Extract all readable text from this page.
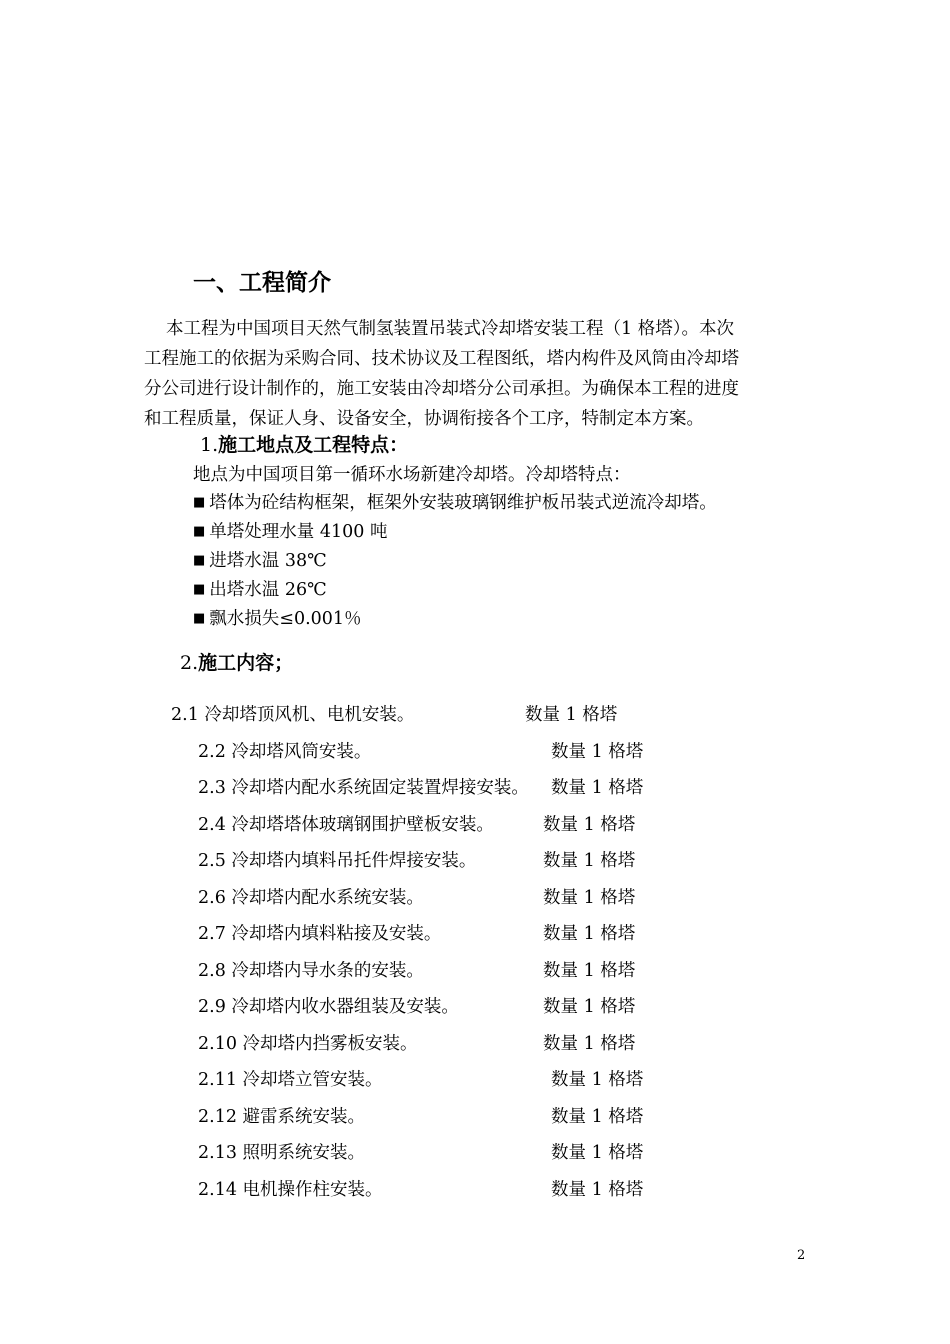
一、工程简介
本工程为中国项目天然气制氢装置吊装式冷却塔安装工程（1 格塔）。本次
工程施工的依据为采购合同、技术协议及工程图纸，塔内构件及风筒由冷却塔
分公司进行设计制作的，施工安装由冷却塔分公司承担。为确保本工程的进度
和工程质量，保证人身、设备安全，协调衔接各个工序，特制定本方案。
1.施工地点及工程特点：
地点为中国项目第一循环水场新建冷却塔。冷却塔特点：
■ 塔体为砼结构框架，框架外安装玻璃钢维护板吊装式逆流冷却塔。
■ 单塔处理水量 4100 吨
■ 进塔水温 38℃
■ 出塔水温 26℃
■ 飘水损失≤0.001％
2.施工内容；
2.1 冷却塔顶风机、电机安装。	数量 1 格塔
2.2 冷却塔风筒安装。	数量 1 格塔
2.3 冷却塔内配水系统固定装置焊接安装。 数量 1 格塔
2.4 冷却塔塔体玻璃钢围护壁板安装。	数量 1 格塔
2.5 冷却塔内填料吊托件焊接安装。	数量 1 格塔
2.6 冷却塔内配水系统安装。	数量 1 格塔
2.7 冷却塔内填料粘接及安装。	数量 1 格塔
2.8 冷却塔内导水条的安装。	数量 1 格塔
2.9 冷却塔内收水器组装及安装。	数量 1 格塔
2.10 冷却塔内挡雾板安装。	数量 1 格塔
2.11 冷却塔立管安装。	数量 1 格塔
2.12 避雷系统安装。	数量 1 格塔
2.13 照明系统安装。	数量 1 格塔
2.14 电机操作柱安装。	数量 1 格塔
2
